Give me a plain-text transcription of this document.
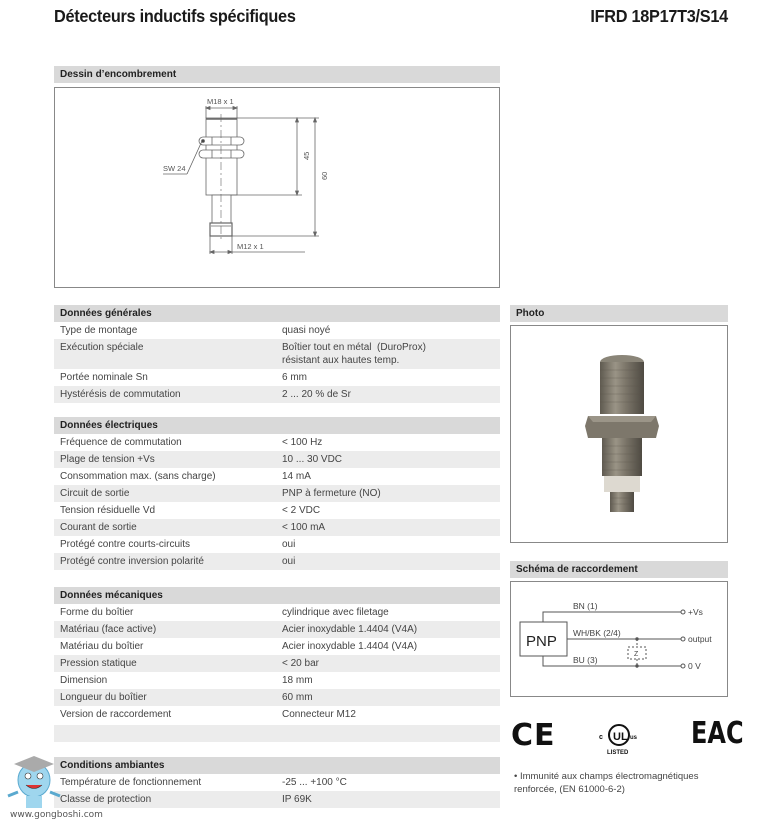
Détecteurs inductifs spécifiques	IFRD 18P17T3/S14
Dessin d’encombrement
M18 x 1
SW 24
45
60
M12 x 1
Données générales
Type de montage	quasi noyé
Exécution spéciale	Boîtier tout en métal  (DuroProx)
résistant aux hautes temp.
Portée nominale Sn	6 mm
Hystérésis de commutation	2 ... 20 % de Sr
Données électriques
Fréquence de commutation	< 100 Hz
Plage de tension +Vs	10 ... 30 VDC
Consommation max. (sans charge)	14 mA
Circuit de sortie	PNP à fermeture (NO)
Tension résiduelle Vd	< 2 VDC
Courant de sortie	< 100 mA
Protégé contre courts-circuits	oui
Protégé contre inversion polarité	oui
Données mécaniques
Forme du boîtier	cylindrique avec filetage
Matériau (face active)	Acier inoxydable 1.4404 (V4A)
Matériau du boîtier	Acier inoxydable 1.4404 (V4A)
Pression statique	< 20 bar
Dimension	18 mm
Longueur du boîtier	60 mm
Version de raccordement	Connecteur M12
Conditions ambiantes
Température de fonctionnement	-25 ... +100 °C
Classe de protection	IP 69K
www.gongboshi.com
Photo
Schéma de raccordement
PNP
BN (1)
WH/BK (2/4)
BU (3)
+Vs
output
0 V
Z
CE	UL
c	us
LISTED
EAC
• Immunité aux champs électromagnétiques renforcée, (EN 61000-6-2)
